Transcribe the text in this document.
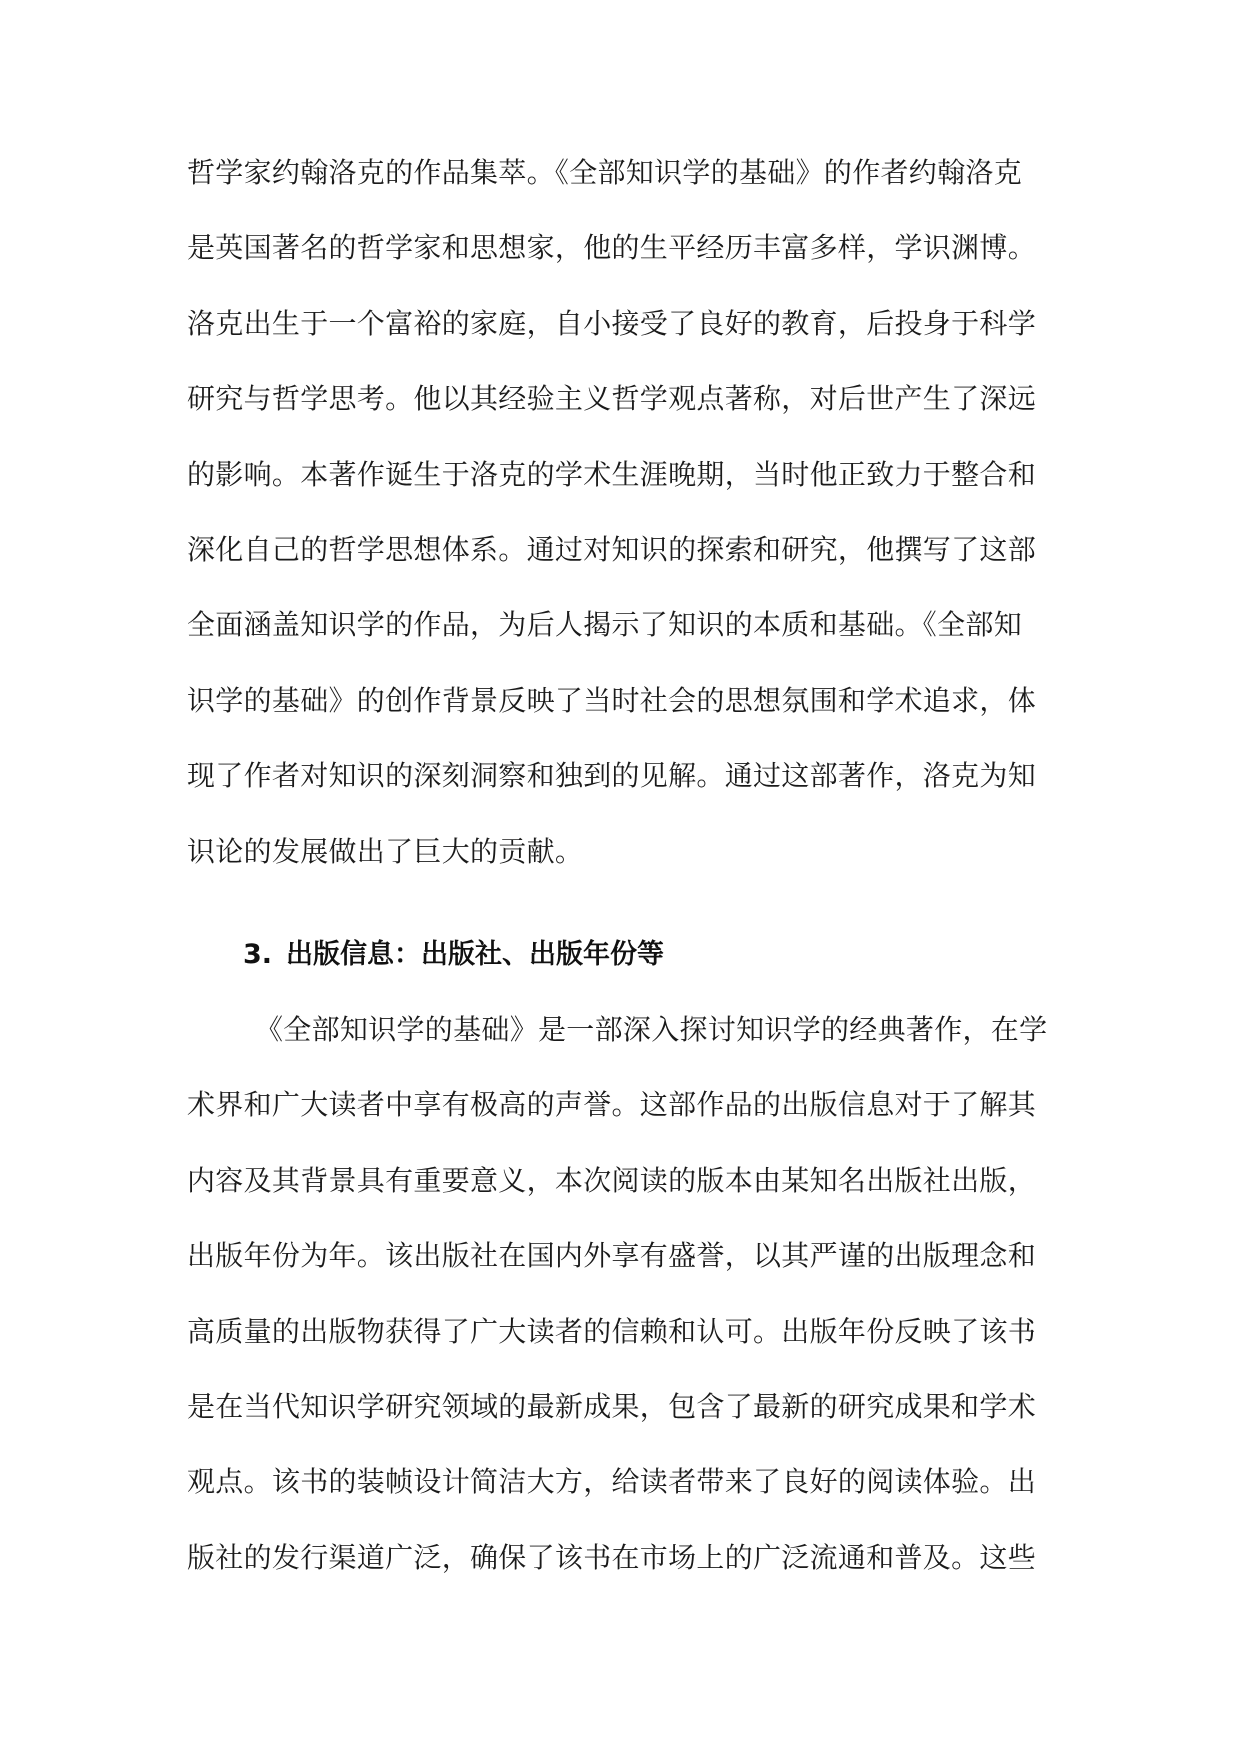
哲学家约翰洛克的作品集萃。《全部知识学的基础》的作者约翰洛克
是英国著名的哲学家和思想家，他的生平经历丰富多样，学识渊博。
洛克出生于一个富裕的家庭，自小接受了良好的教育，后投身于科学
研究与哲学思考。他以其经验主义哲学观点著称，对后世产生了深远
的影响。本著作诞生于洛克的学术生涯晚期，当时他正致力于整合和
深化自己的哲学思想体系。通过对知识的探索和研究，他撰写了这部
全面涵盖知识学的作品，为后人揭示了知识的本质和基础。《全部知
识学的基础》的创作背景反映了当时社会的思想氛围和学术追求，体
现了作者对知识的深刻洞察和独到的见解。通过这部著作，洛克为知
识论的发展做出了巨大的贡献。
3. 出版信息：出版社、出版年份等
《全部知识学的基础》是一部深入探讨知识学的经典著作，在学
术界和广大读者中享有极高的声誉。这部作品的出版信息对于了解其
内容及其背景具有重要意义，本次阅读的版本由某知名出版社出版，
出版年份为年。该出版社在国内外享有盛誉，以其严谨的出版理念和
高质量的出版物获得了广大读者的信赖和认可。出版年份反映了该书
是在当代知识学研究领域的最新成果，包含了最新的研究成果和学术
观点。该书的装帧设计简洁大方，给读者带来了良好的阅读体验。出
版社的发行渠道广泛，确保了该书在市场上的广泛流通和普及。这些
